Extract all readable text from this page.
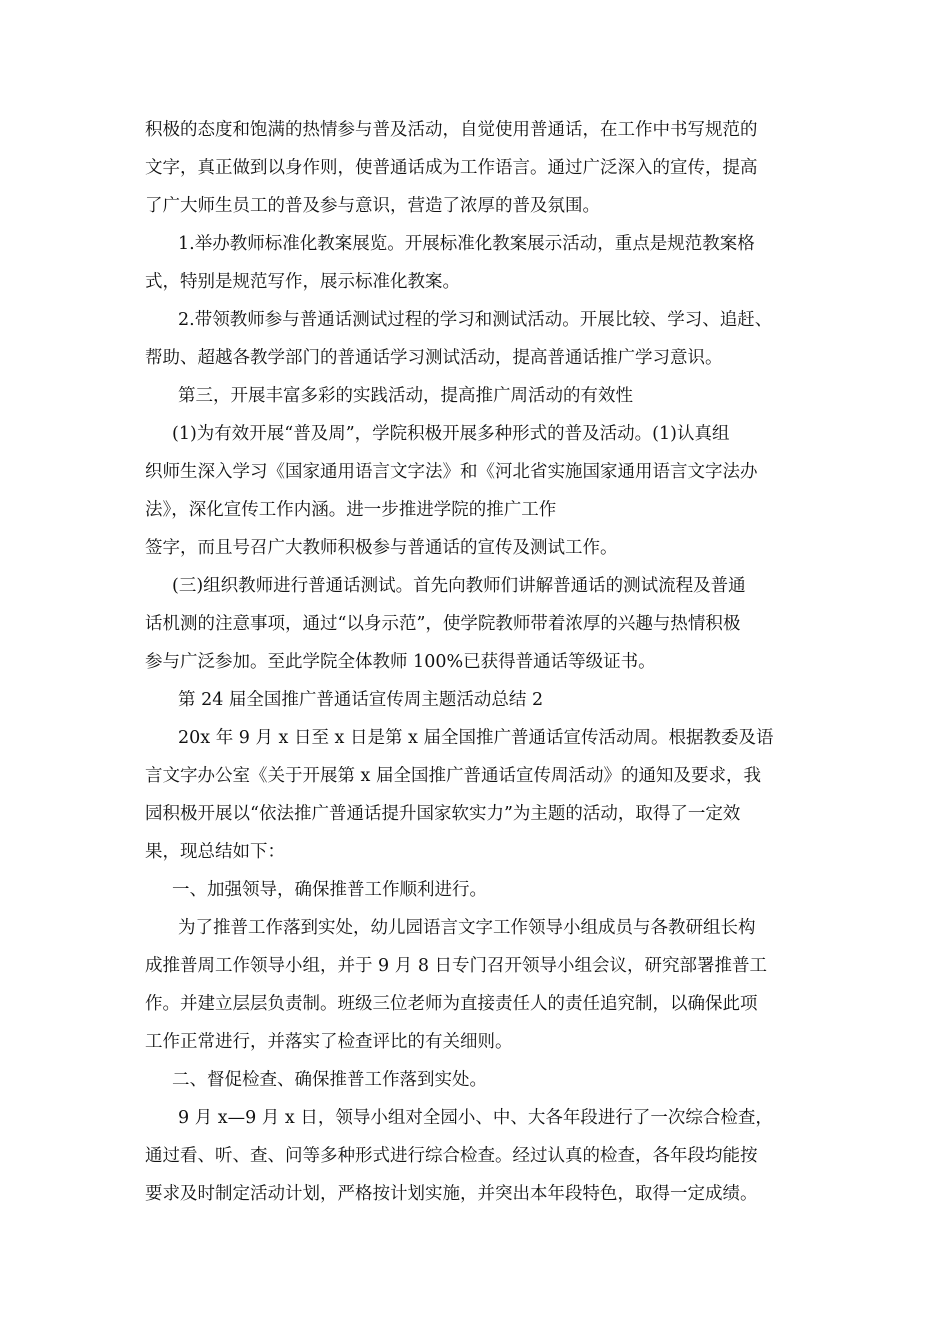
积极的态度和饱满的热情参与普及活动，自觉使用普通话，在工作中书写规范的
文字，真正做到以身作则，使普通话成为工作语言。通过广泛深入的宣传，提高
了广大师生员工的普及参与意识，营造了浓厚的普及氛围。
1.举办教师标准化教案展览。开展标准化教案展示活动，重点是规范教案格
式，特别是规范写作，展示标准化教案。
2.带领教师参与普通话测试过程的学习和测试活动。开展比较、学习、追赶、
帮助、超越各教学部门的普通话学习测试活动，提高普通话推广学习意识。
第三，开展丰富多彩的实践活动，提高推广周活动的有效性
(1)为有效开展“普及周”，学院积极开展多种形式的普及活动。(1)认真组
织师生深入学习《国家通用语言文字法》和《河北省实施国家通用语言文字法办
法》，深化宣传工作内涵。进一步推进学院的推广工作
签字，而且号召广大教师积极参与普通话的宣传及测试工作。
(三)组织教师进行普通话测试。首先向教师们讲解普通话的测试流程及普通
话机测的注意事项，通过“以身示范”，使学院教师带着浓厚的兴趣与热情积极
参与广泛参加。至此学院全体教师 100%已获得普通话等级证书。
第 24 届全国推广普通话宣传周主题活动总结 2
20x 年 9 月 x 日至 x 日是第 x 届全国推广普通话宣传活动周。根据教委及语
言文字办公室《关于开展第 x 届全国推广普通话宣传周活动》的通知及要求，我
园积极开展以“依法推广普通话提升国家软实力”为主题的活动，取得了一定效
果，现总结如下：
一、加强领导，确保推普工作顺利进行。
为了推普工作落到实处，幼儿园语言文字工作领导小组成员与各教研组长构
成推普周工作领导小组，并于 9 月 8 日专门召开领导小组会议，研究部署推普工
作。并建立层层负责制。班级三位老师为直接责任人的责任追究制，以确保此项
工作正常进行，并落实了检查评比的有关细则。
二、督促检查、确保推普工作落到实处。
9 月 x—9 月 x 日，领导小组对全园小、中、大各年段进行了一次综合检查，
通过看、听、查、问等多种形式进行综合检查。经过认真的检查，各年段均能按
要求及时制定活动计划，严格按计划实施，并突出本年段特色，取得一定成绩。
